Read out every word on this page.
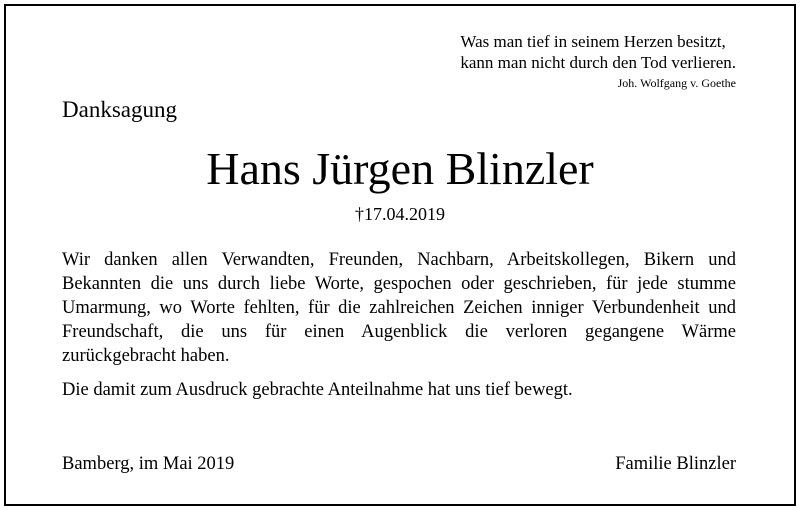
Was man tief in seinem Herzen besitzt,
kann man nicht durch den Tod verlieren.
Joh. Wolfgang v. Goethe
Danksagung
Hans Jürgen Blinzler
†17.04.2019
Wir danken allen Verwandten, Freunden, Nachbarn, Arbeitskollegen, Bikern und Bekannten die uns durch liebe Worte, gespochen oder geschrieben, für jede stumme Umarmung, wo Worte fehlten, für die zahlreichen Zeichen inniger Verbundenheit und Freundschaft, die uns für einen Augenblick die verloren gegangene Wärme zurückgebracht haben.
Die damit zum Ausdruck gebrachte Anteilnahme hat uns tief bewegt.
Bamberg, im Mai 2019	Familie Blinzler
